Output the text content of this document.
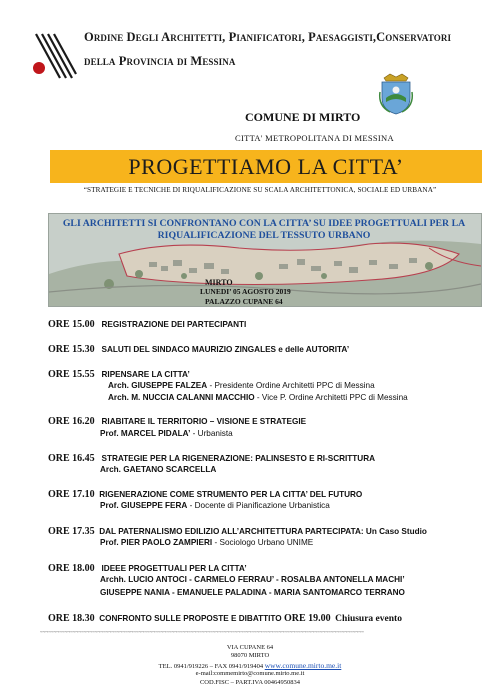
Ordine Degli Architetti, Pianificatori, Paesaggisti,Conservatori
della Provincia di Messina
COMUNE DI MIRTO
CITTA' METROPOLITANA DI MESSINA
PROGETTIAMO LA CITTA’
“STRATEGIE E TECNICHE DI RIQUALIFICAZIONE SU SCALA ARCHITETTONICA, SOCIALE ED URBANA”
GLI ARCHITETTI SI CONFRONTANO CON LA CITTA’ SU IDEE PROGETTUALI PER LA RIQUALIFICAZIONE DEL TESSUTO URBANO
MIRTO
LUNEDI’ 05 AGOSTO 2019
PALAZZO CUPANE 64
ORE 15.00 REGISTRAZIONE DEI PARTECIPANTI
ORE 15.30 SALUTI DEL SINDACO MAURIZIO ZINGALES e delle AUTORITA’
ORE 15.55 RIPENSARE LA CITTA’
Arch. GIUSEPPE FALZEA - Presidente Ordine Architetti PPC di Messina
Arch. M. NUCCIA CALANNI MACCHIO - Vice P. Ordine Architetti PPC di Messina
ORE 16.20 RIABITARE IL TERRITORIO – VISIONE E STRATEGIE
Prof. MARCEL PIDALA’ - Urbanista
ORE 16.45 STRATEGIE PER LA RIGENERAZIONE: PALINSESTO E RI-SCRITTURA
Arch. GAETANO SCARCELLA
ORE 17.10 RIGENERAZIONE COME STRUMENTO PER LA CITTA’ DEL FUTURO
Prof. GIUSEPPE FERA - Docente di Pianificazione Urbanistica
ORE 17.35 DAL PATERNALISMO EDILIZIO ALL’ARCHITETTURA PARTECIPATA: Un Caso Studio
Prof. PIER PAOLO ZAMPIERI - Sociologo Urbano UNIME
ORE 18.00 IDEEE PROGETTUALI PER LA CITTA’
Archh. LUCIO ANTOCI - CARMELO FERRAU’ - ROSALBA ANTONELLA MACHI’
GIUSEPPE NANIA - EMANUELE PALADINA - MARIA SANTOMARCO TERRANO
ORE 18.30 CONFRONTO SULLE PROPOSTE E DIBATTITO ORE 19.00 Chiusura evento
≈≈≈≈≈≈≈≈≈≈≈≈≈≈≈≈≈≈≈≈≈≈≈≈≈≈≈≈≈≈≈≈≈≈≈≈≈≈≈≈≈≈≈≈≈≈≈≈≈≈≈≈≈≈≈≈≈≈≈≈≈≈≈≈≈≈≈≈≈≈≈≈≈≈≈≈≈≈≈≈≈≈≈≈≈≈≈≈≈≈≈≈≈≈≈≈≈≈≈≈≈≈≈≈≈≈≈≈≈≈≈≈≈≈≈≈≈≈
VIA CUPANE 64
98070 MIRTO
TEL. 0941/919226 – FAX 0941/919404 www.comune.mirto.me.it
e-mail:commemirto@comune.mirto.me.it
COD.FISC – PART.IVA 00464950834
